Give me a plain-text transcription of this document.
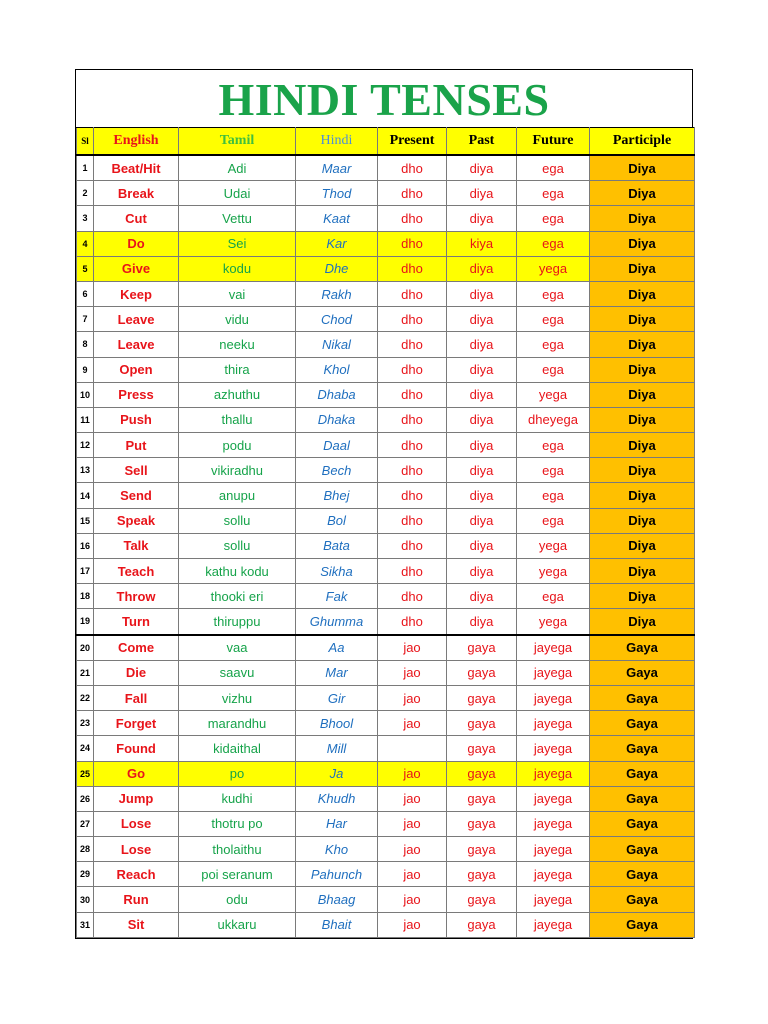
HINDI TENSES
Sl	English	Tamil	Hindi	Present	Past	Future	Participle
1	Beat/Hit	Adi	Maar	dho	diya	ega	Diya
2	Break	Udai	Thod	dho	diya	ega	Diya
3	Cut	Vettu	Kaat	dho	diya	ega	Diya
4	Do	Sei	Kar	dho	kiya	ega	Diya
5	Give	kodu	Dhe	dho	diya	yega	Diya
6	Keep	vai	Rakh	dho	diya	ega	Diya
7	Leave	vidu	Chod	dho	diya	ega	Diya
8	Leave	neeku	Nikal	dho	diya	ega	Diya
9	Open	thira	Khol	dho	diya	ega	Diya
10	Press	azhuthu	Dhaba	dho	diya	yega	Diya
11	Push	thallu	Dhaka	dho	diya	dheyega	Diya
12	Put	podu	Daal	dho	diya	ega	Diya
13	Sell	vikiradhu	Bech	dho	diya	ega	Diya
14	Send	anupu	Bhej	dho	diya	ega	Diya
15	Speak	sollu	Bol	dho	diya	ega	Diya
16	Talk	sollu	Bata	dho	diya	yega	Diya
17	Teach	kathu kodu	Sikha	dho	diya	yega	Diya
18	Throw	thooki eri	Fak	dho	diya	ega	Diya
19	Turn	thiruppu	Ghumma	dho	diya	yega	Diya
20	Come	vaa	Aa	jao	gaya	jayega	Gaya
21	Die	saavu	Mar	jao	gaya	jayega	Gaya
22	Fall	vizhu	Gir	jao	gaya	jayega	Gaya
23	Forget	marandhu	Bhool	jao	gaya	jayega	Gaya
24	Found	kidaithal	Mill		gaya	jayega	Gaya
25	Go	po	Ja	jao	gaya	jayega	Gaya
26	Jump	kudhi	Khudh	jao	gaya	jayega	Gaya
27	Lose	thotru po	Har	jao	gaya	jayega	Gaya
28	Lose	tholaithu	Kho	jao	gaya	jayega	Gaya
29	Reach	poi seranum	Pahunch	jao	gaya	jayega	Gaya
30	Run	odu	Bhaag	jao	gaya	jayega	Gaya
31	Sit	ukkaru	Bhait	jao	gaya	jayega	Gaya
